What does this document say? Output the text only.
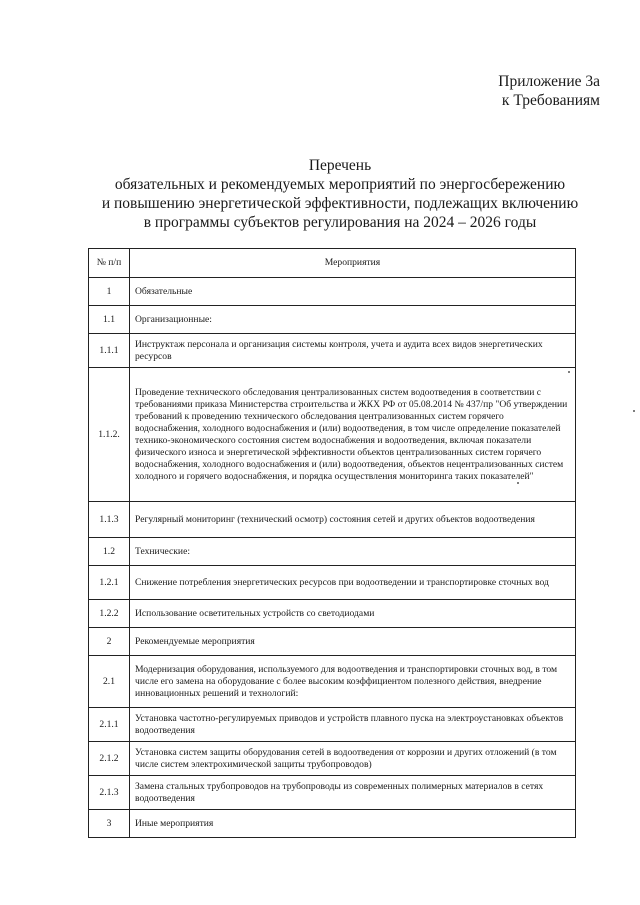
Приложение 3а
к Требованиям
Перечень
обязательных и рекомендуемых мероприятий по энергосбережению
и повышению энергетической эффективности, подлежащих включению
в программы субъектов регулирования на 2024 – 2026 годы
№ п/п	Мероприятия
1	Обязательные
1.1	Организационные:
1.1.1	Инструктаж персонала и организация системы контроля, учета и аудита всех видов энергетических ресурсов
1.1.2.	Проведение технического обследования централизованных систем водоотведения в соответствии с требованиями приказа Министерства строительства и ЖКХ РФ от 05.08.2014 № 437/пр "Об утверждении требований к проведению технического обследования централизованных систем горячего водоснабжения, холодного водоснабжения и (или) водоотведения, в том числе определение показателей технико-экономического состояния систем водоснабжения и водоотведения, включая показатели физического износа и энергетической эффективности объектов централизованных систем горячего водоснабжения, холодного водоснабжения и (или) водоотведения, объектов нецентрализованных систем холодного и горячего водоснабжения, и порядка осуществления мониторинга таких показателей"
1.1.3	Регулярный мониторинг (технический осмотр) состояния сетей и других объектов водоотведения
1.2	Технические:
1.2.1	Снижение потребления энергетических ресурсов при водоотведении и транспортировке сточных вод
1.2.2	Использование осветительных устройств со светодиодами
2	Рекомендуемые мероприятия
2.1	Модернизация оборудования, используемого для водоотведения и транспортировки сточных вод, в том числе его замена на оборудование с более высоким коэффициентом полезного действия, внедрение инновационных решений и технологий:
2.1.1	Установка частотно-регулируемых приводов и устройств плавного пуска на электроустановках объектов водоотведения
2.1.2	Установка систем защиты оборудования сетей в водоотведения от коррозии и других отложений (в том числе систем электрохимической защиты трубопроводов)
2.1.3	Замена стальных трубопроводов на трубопроводы из современных полимерных материалов в сетях водоотведения
3	Иные мероприятия
